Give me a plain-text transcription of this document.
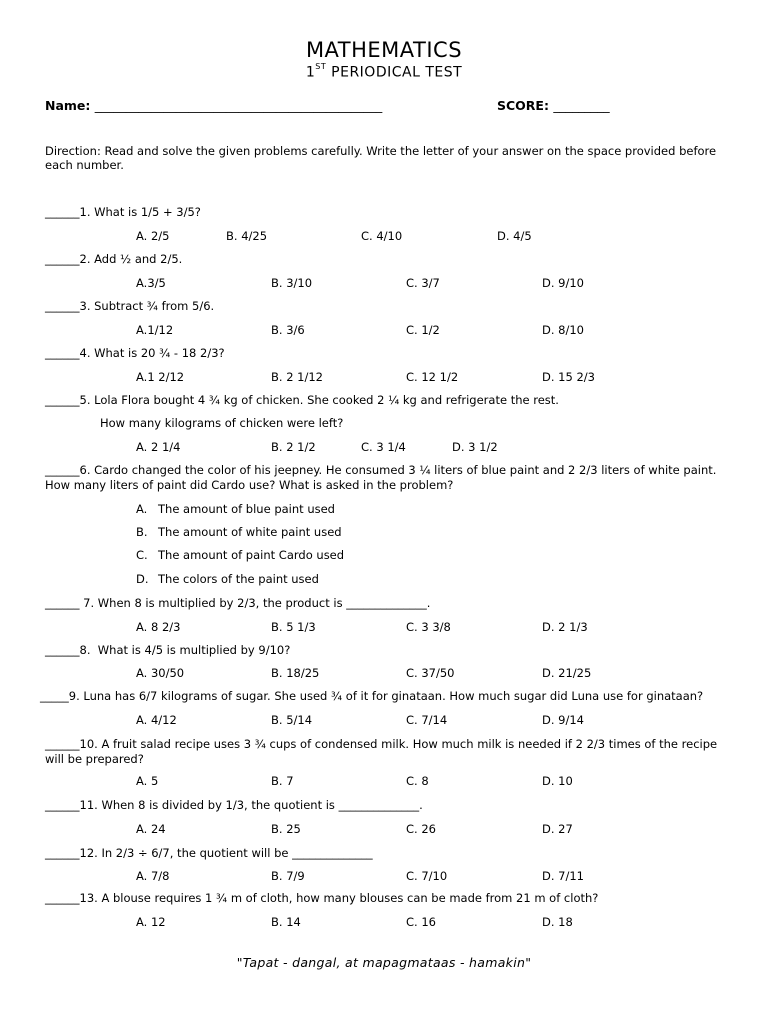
MATHEMATICS
1ST PERIODICAL TEST
Name: ______________________________________________	SCORE: _________
Direction: Read and solve the given problems carefully. Write the letter of your answer on the space provided before each number.
______1. What is 1/5 + 3/5?
A. 2/5	B. 4/25	C. 4/10	D. 4/5
______2. Add ½ and 2/5.
A.3/5	B. 3/10	C. 3/7	D. 9/10
______3. Subtract ¾ from 5/6.
A.1/12	B. 3/6	C. 1/2	D. 8/10
______4. What is 20 ¾ - 18 2/3?
A.1 2/12	B. 2 1/12	C. 12 1/2	D. 15 2/3
______5. Lola Flora bought 4 ¾ kg of chicken. She cooked 2 ¼ kg and refrigerate the rest.
How many kilograms of chicken were left?
A. 2 1/4	B. 2 1/2	C. 3 1/4	D. 3 1/2
______6. Cardo changed the color of his jeepney. He consumed 3 ¼ liters of blue paint and 2 2/3 liters of white paint. How many liters of paint did Cardo use? What is asked in the problem?
A. The amount of blue paint used
B. The amount of white paint used
C. The amount of paint Cardo used
D. The colors of the paint used
______ 7. When 8 is multiplied by 2/3, the product is ______________.
A. 8 2/3	B. 5 1/3	C. 3 3/8	D. 2 1/3
______8.  What is 4/5 is multiplied by 9/10?
A. 30/50	B. 18/25	C. 37/50	D. 21/25
_____9. Luna has 6/7 kilograms of sugar. She used ¾ of it for ginataan. How much sugar did Luna use for ginataan?
A. 4/12	B. 5/14	C. 7/14	D. 9/14
______10. A fruit salad recipe uses 3 ¾ cups of condensed milk. How much milk is needed if 2 2/3 times of the recipe will be prepared?
A. 5	B. 7	C. 8	D. 10
______11. When 8 is divided by 1/3, the quotient is ______________.
A. 24	B. 25	C. 26	D. 27
______12. In 2/3 ÷ 6/7, the quotient will be ______________
A. 7/8	B. 7/9	C. 7/10	D. 7/11
______13. A blouse requires 1 ¾ m of cloth, how many blouses can be made from 21 m of cloth?
A. 12	B. 14	C. 16	D. 18
"Tapat - dangal, at mapagmataas - hamakin"
